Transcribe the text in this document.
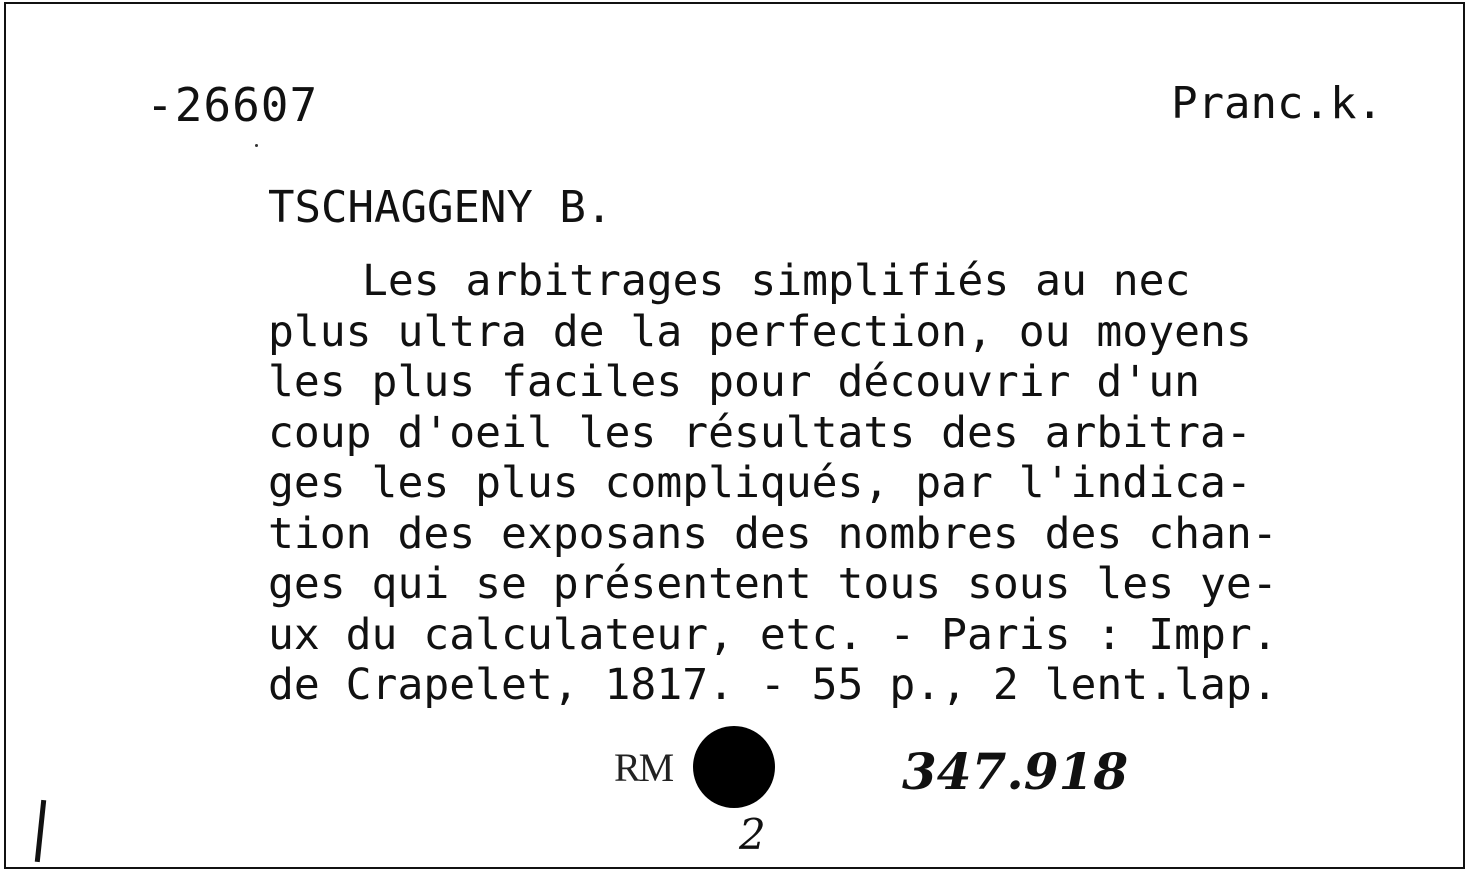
-26607	Pranc.k.
TSCHAGGENY B.
Les arbitrages simplifiés au nec
plus ultra de la perfection, ou moyens
les plus faciles pour découvrir d'un
coup d'oeil les résultats des arbitra-
ges les plus compliqués, par l'indica-
tion des exposans des nombres des chan-
ges qui se présentent tous sous les ye-
ux du calculateur, etc. - Paris : Impr.
de Crapelet, 1817. - 55 p., 2 lent.lap.
RM	347.918
2
